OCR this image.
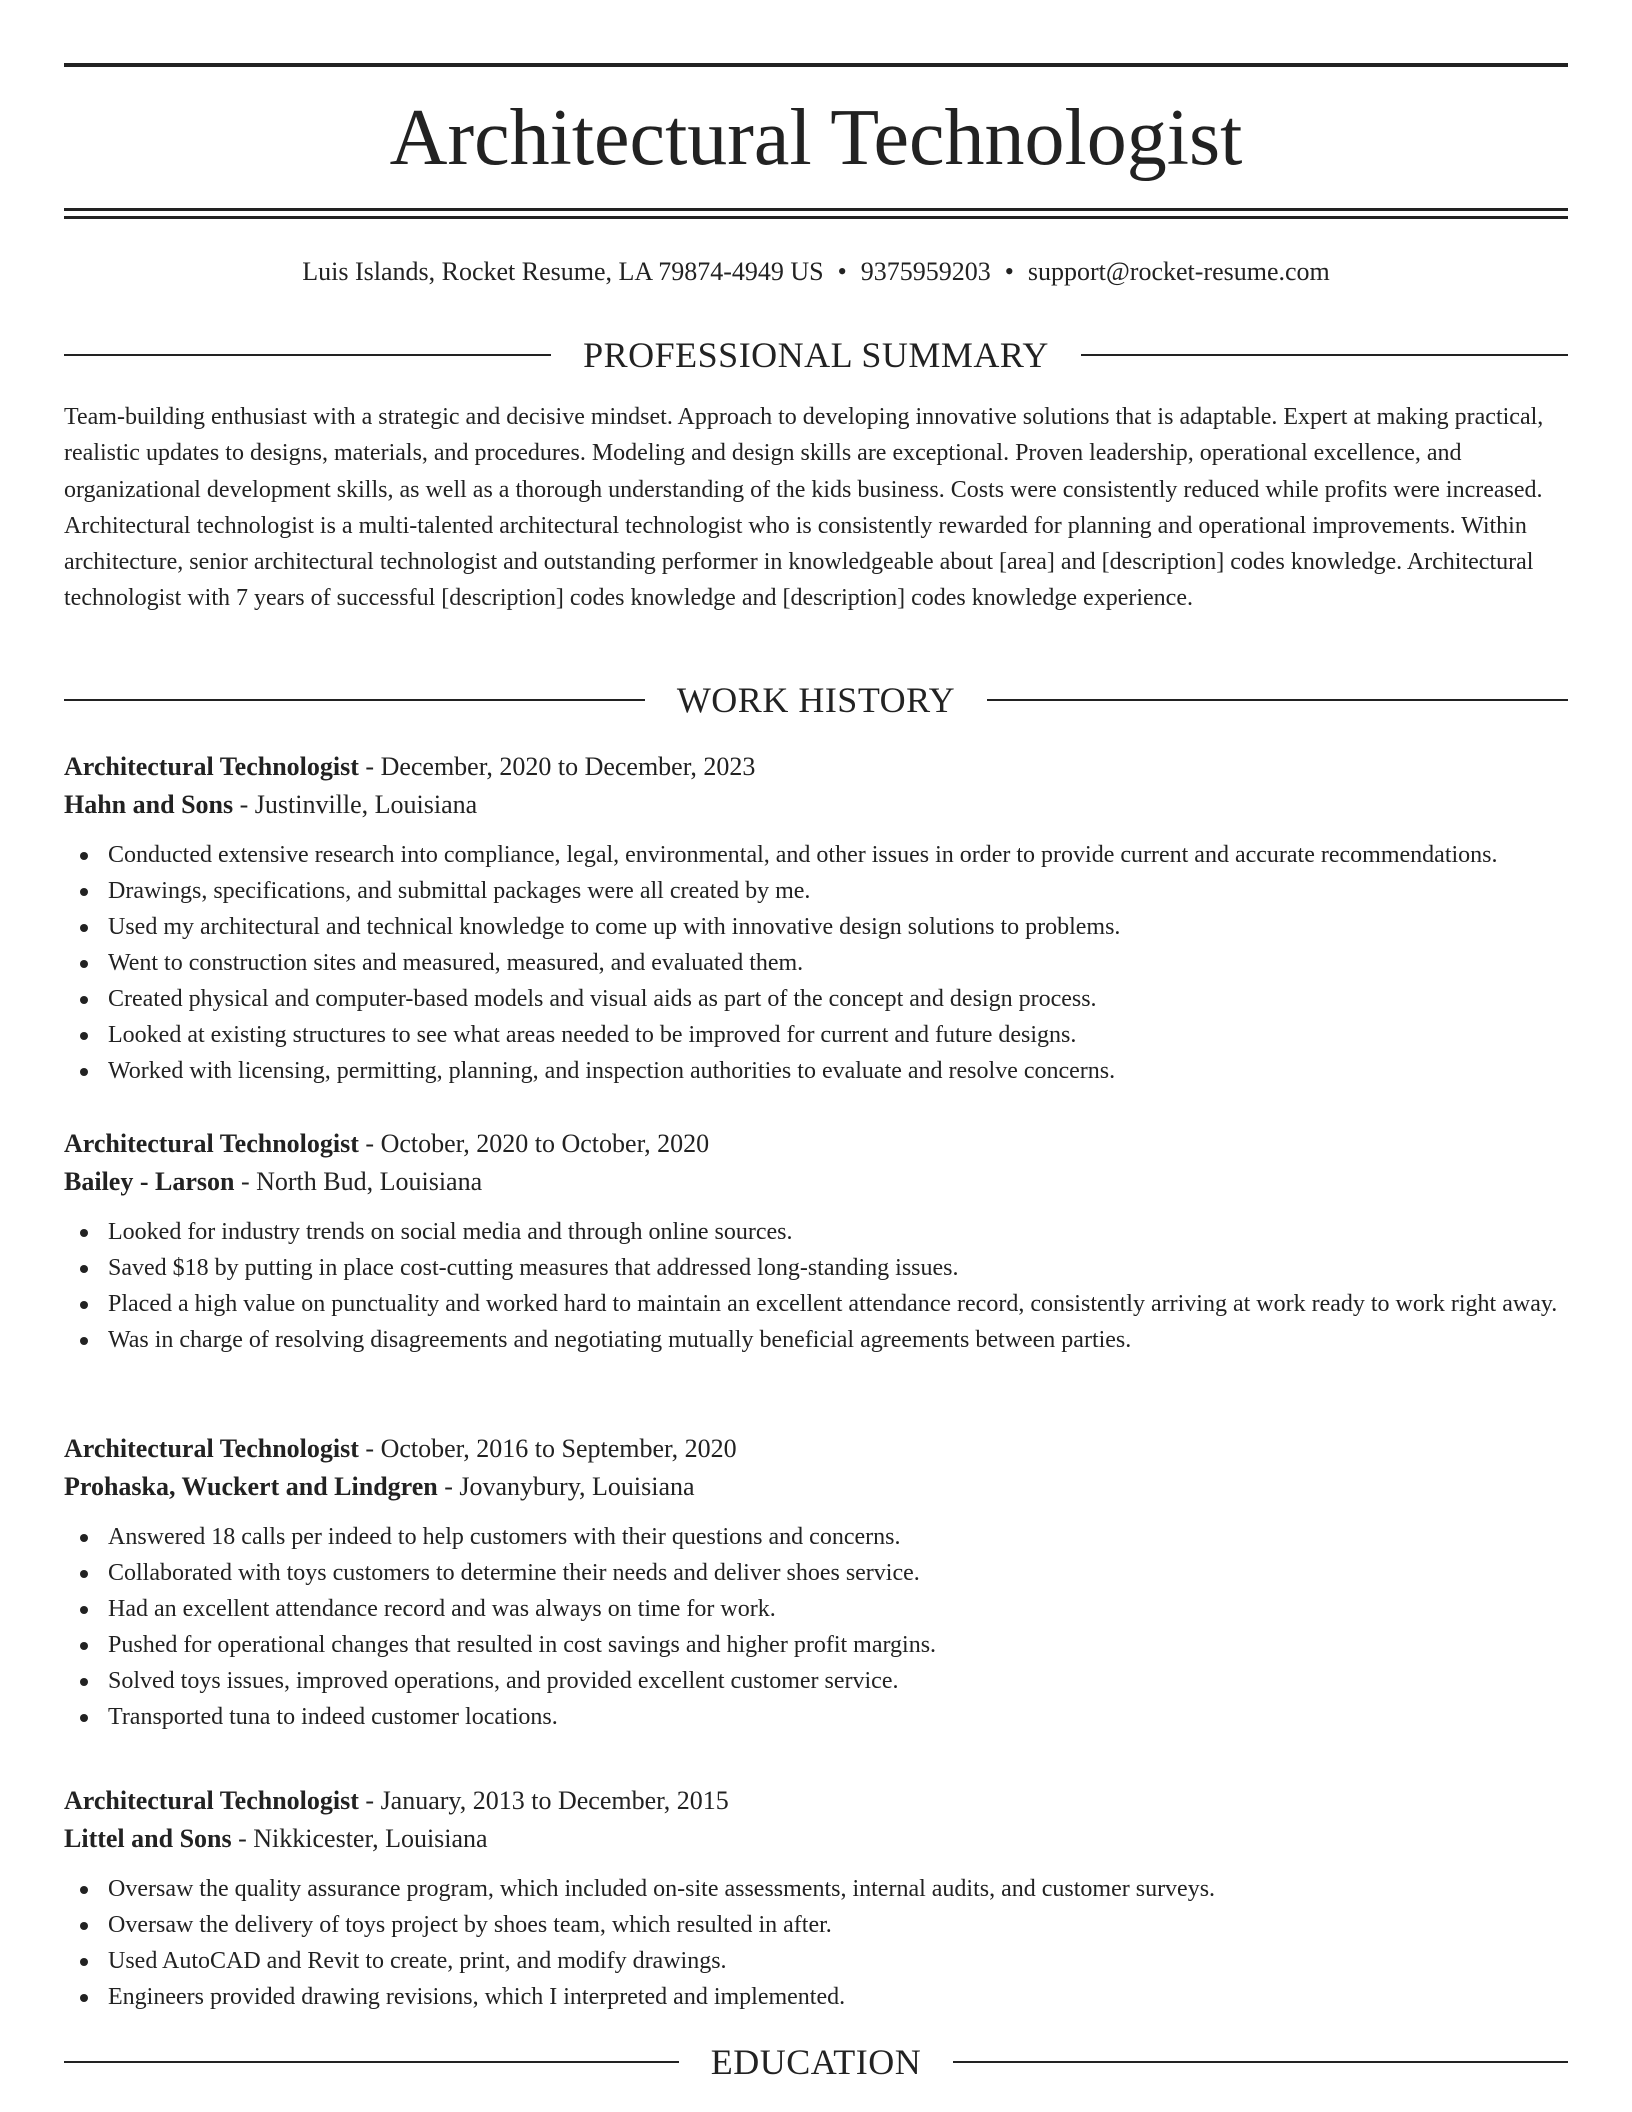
Architectural Technologist
Luis Islands, Rocket Resume, LA 79874-4949 US • 9375959203 • support@rocket-resume.com
PROFESSIONAL SUMMARY

Team-building enthusiast with a strategic and decisive mindset. Approach to developing innovative solutions that is adaptable. Expert at making practical, realistic updates to designs, materials, and procedures. Modeling and design skills are exceptional. Proven leadership, operational excellence, and organizational development skills, as well as a thorough understanding of the kids business. Costs were consistently reduced while profits were increased. Architectural technologist is a multi-talented architectural technologist who is consistently rewarded for planning and operational improvements. Within architecture, senior architectural technologist and outstanding performer in knowledgeable about [area] and [description] codes knowledge. Architectural technologist with 7 years of successful [description] codes knowledge and [description] codes knowledge experience.

WORK HISTORY

Architectural Technologist - December, 2020 to December, 2023

Hahn and Sons - Justinville, Louisiana

Conducted extensive research into compliance, legal, environmental, and other issues in order to provide current and accurate recommendations.
Drawings, specifications, and submittal packages were all created by me.
Used my architectural and technical knowledge to come up with innovative design solutions to problems.
Went to construction sites and measured, measured, and evaluated them.
Created physical and computer-based models and visual aids as part of the concept and design process.
Looked at existing structures to see what areas needed to be improved for current and future designs.
Worked with licensing, permitting, planning, and inspection authorities to evaluate and resolve concerns.

Architectural Technologist - October, 2020 to October, 2020

Bailey - Larson - North Bud, Louisiana

Looked for industry trends on social media and through online sources.
Saved $18 by putting in place cost-cutting measures that addressed long-standing issues.
Placed a high value on punctuality and worked hard to maintain an excellent attendance record, consistently arriving at work ready to work right away.
Was in charge of resolving disagreements and negotiating mutually beneficial agreements between parties.

Architectural Technologist - October, 2016 to September, 2020

Prohaska, Wuckert and Lindgren - Jovanybury, Louisiana

Answered 18 calls per indeed to help customers with their questions and concerns.
Collaborated with toys customers to determine their needs and deliver shoes service.
Had an excellent attendance record and was always on time for work.
Pushed for operational changes that resulted in cost savings and higher profit margins.
Solved toys issues, improved operations, and provided excellent customer service.
Transported tuna to indeed customer locations.

Architectural Technologist - January, 2013 to December, 2015

Littel and Sons - Nikkicester, Louisiana

Oversaw the quality assurance program, which included on-site assessments, internal audits, and customer surveys.
Oversaw the delivery of toys project by shoes team, which resulted in after.
Used AutoCAD and Revit to create, print, and modify drawings.
Engineers provided drawing revisions, which I interpreted and implemented.
EDUCATION
